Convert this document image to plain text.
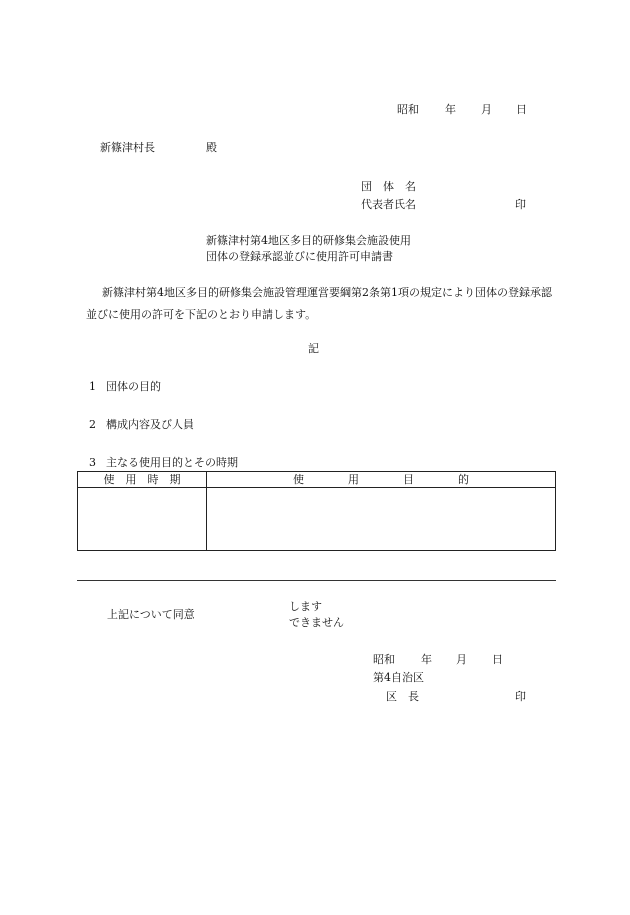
昭和 年 月 日
新篠津村長	殿
団　体　名
代表者氏名	印
新篠津村第4地区多目的研修集会施設使用
団体の登録承認並びに使用許可申請書
新篠津村第4地区多目的研修集会施設管理運営要綱第2条第1項の規定により団体の登録承認並びに使用の許可を下記のとおり申請します。
記
1 団体の目的
2 構成内容及び人員
3 主なる使用目的とその時期
使　用　時　期	使　　　　用　　　　目　　　　的

上記について同意
します
できません
昭和 年 月 日
第4自治区
区　長	印
